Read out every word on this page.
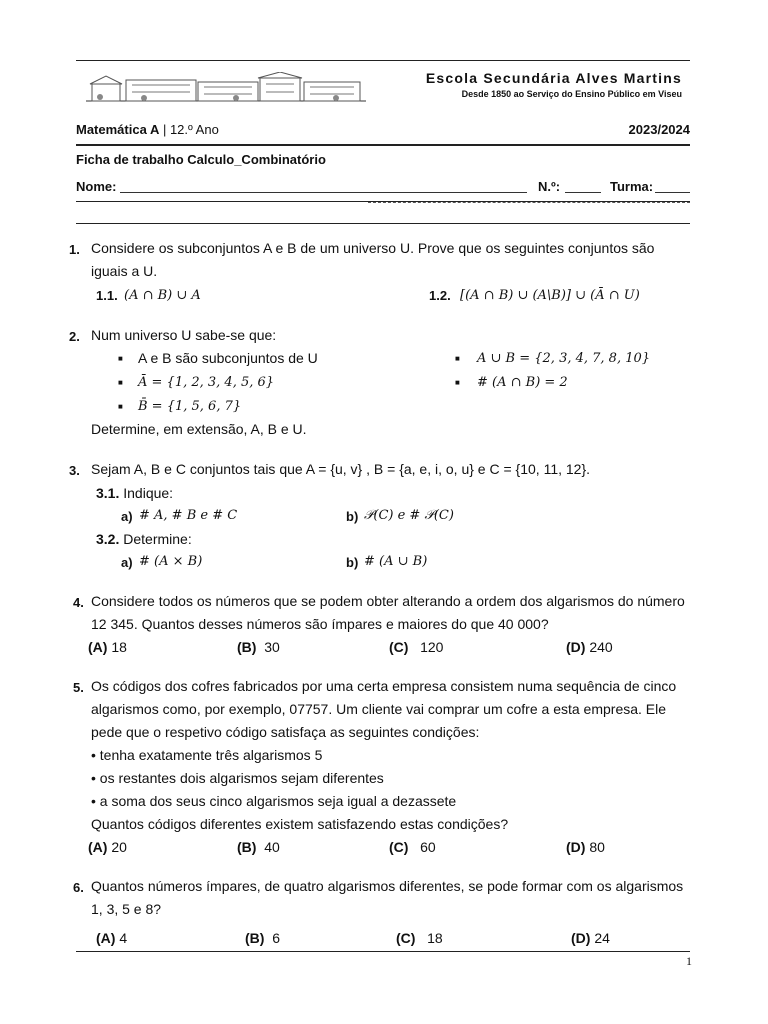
Escola Secundária Alves Martins
Desde 1850 ao Serviço do Ensino Público em Viseu
Matemática A | 12.º Ano	2023/2024
Ficha de trabalho Calculo_Combinatório
Nome:	N.º:	Turma:
1. Considere os subconjuntos A e B de um universo U. Prove que os seguintes conjuntos são
iguais a U.
1.1. (A ∩ B) ∪ A	1.2. [(A ∩ B) ∪ (A\B)] ∪ (Ā ∩ U)
2. Num universo U sabe-se que:
■ A e B são subconjuntos de U
■ Ā = {1, 2, 3, 4, 5, 6}
■ B̄ = {1, 5, 6, 7}
■ A ∪ B = {2, 3, 4, 7, 8, 10}
■ # (A ∩ B) = 2
Determine, em extensão, A, B e U.
3. Sejam A, B e C conjuntos tais que A = {u, v} , B = {a, e, i, o, u} e C = {10, 11, 12}.
3.1. Indique:
a) # A, # B e # C	b) 𝒫(C) e # 𝒫(C)
3.2. Determine:
a) # (A × B)	b) # (A ∪ B)
4. Considere todos os números que se podem obter alterando a ordem dos algarismos do número
12 345. Quantos desses números são ímpares e maiores do que 40 000?
(A) 18	(B) 30	(C) 120	(D) 240
5. Os códigos dos cofres fabricados por uma certa empresa consistem numa sequência de cinco
algarismos como, por exemplo, 07757. Um cliente vai comprar um cofre a esta empresa. Ele
pede que o respetivo código satisfaça as seguintes condições:
• tenha exatamente três algarismos 5
• os restantes dois algarismos sejam diferentes
• a soma dos seus cinco algarismos seja igual a dezassete
Quantos códigos diferentes existem satisfazendo estas condições?
(A) 20	(B) 40	(C) 60	(D) 80
6. Quantos números ímpares, de quatro algarismos diferentes, se pode formar com os algarismos
1, 3, 5 e 8?
(A) 4	(B) 6	(C) 18	(D) 24
1
